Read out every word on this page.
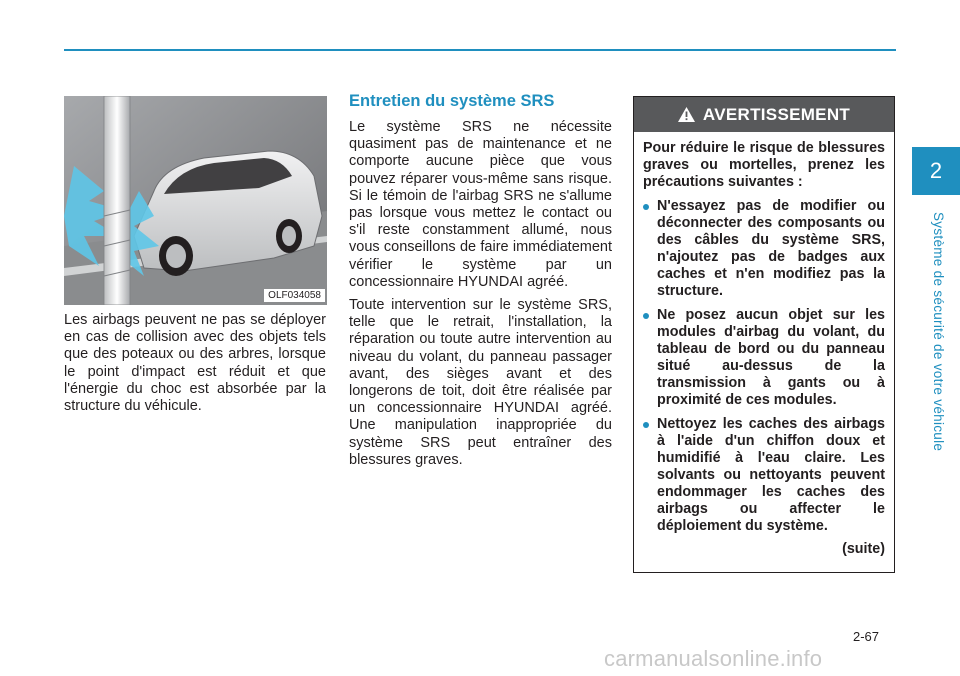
2
Système de sécurité de votre véhicule
OLF034058
Les airbags peuvent ne pas se déployer en cas de collision avec des objets tels que des poteaux ou des arbres, lorsque le point d'impact est réduit et que l'énergie du choc est absorbée par la structure du véhicule.
Entretien du système SRS

Le système SRS ne nécessite quasiment pas de maintenance et ne comporte aucune pièce que vous pouvez réparer vous-même sans risque. Si le témoin de l'airbag SRS ne s'allume pas lorsque vous mettez le contact ou s'il reste constamment allumé, nous vous conseillons de faire immédiatement vérifier le système par un concessionnaire HYUNDAI agréé.

Toute intervention sur le système SRS, telle que le retrait, l'installation, la réparation ou toute autre intervention au niveau du volant, du panneau passager avant, des sièges avant et des longerons de toit, doit être réalisée par un concessionnaire HYUNDAI agréé. Une manipulation inappropriée du système SRS peut entraîner des blessures graves.

AVERTISSEMENT

Pour réduire le risque de blessures graves ou mortelles, prenez les précautions suivantes :

N'essayez pas de modifier ou déconnecter des composants ou des câbles du système SRS, n'ajoutez pas de badges aux caches et n'en modifiez pas la structure.
Ne posez aucun objet sur les modules d'airbag du volant, du tableau de bord ou du panneau situé au-dessus de la transmission à gants ou à proximité de ces modules.
Nettoyez les caches des airbags à l'aide d'un chiffon doux et humidifié à l'eau claire. Les solvants ou nettoyants peuvent endommager les caches des airbags ou affecter le déploiement du système.
(suite)
2-67
carmanualsonline.info
